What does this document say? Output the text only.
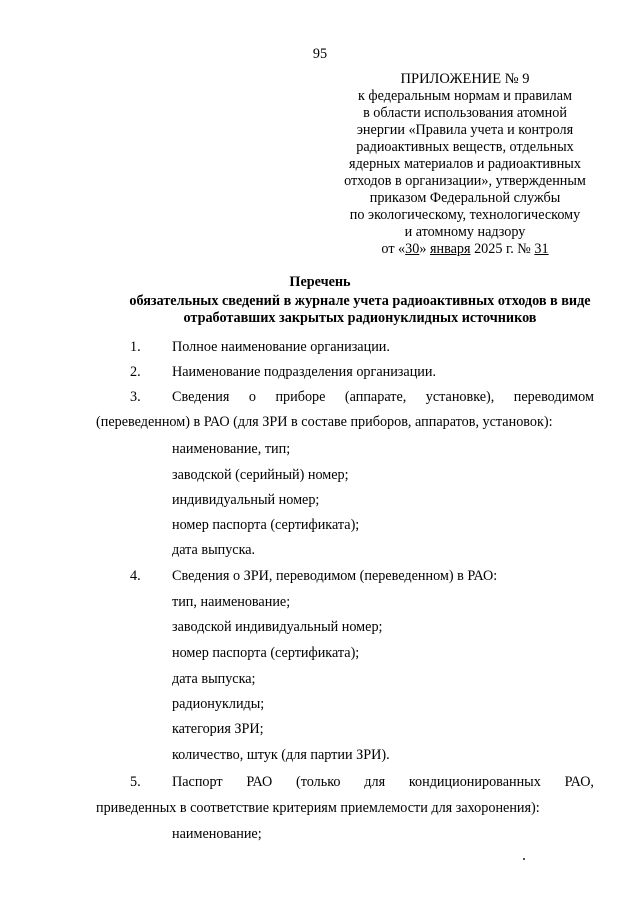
95
ПРИЛОЖЕНИЕ № 9
к федеральным нормам и правилам
в области использования атомной
энергии «Правила учета и контроля
радиоактивных веществ, отдельных
ядерных материалов и радиоактивных
отходов в организации», утвержденным
приказом Федеральной службы
по экологическому, технологическому
и атомному надзору
от «30» января 2025 г. № 31
Перечень
обязательных сведений в журнале учета радиоактивных отходов в виде отработавших закрытых радионуклидных источников
1. Полное наименование организации.
2. Наименование подразделения организации.
3. Сведения о приборе (аппарате, установке), переводимом
(переведенном) в РАО (для ЗРИ в составе приборов, аппаратов, установок):
наименование, тип;
заводской (серийный) номер;
индивидуальный номер;
номер паспорта (сертификата);
дата выпуска.
4. Сведения о ЗРИ, переводимом (переведенном) в РАО:
тип, наименование;
заводской индивидуальный номер;
номер паспорта (сертификата);
дата выпуска;
радионуклиды;
категория ЗРИ;
количество, штук (для партии ЗРИ).
5. Паспорт РАО (только для кондиционированных РАО,
приведенных в соответствие критериям приемлемости для захоронения):
наименование;
